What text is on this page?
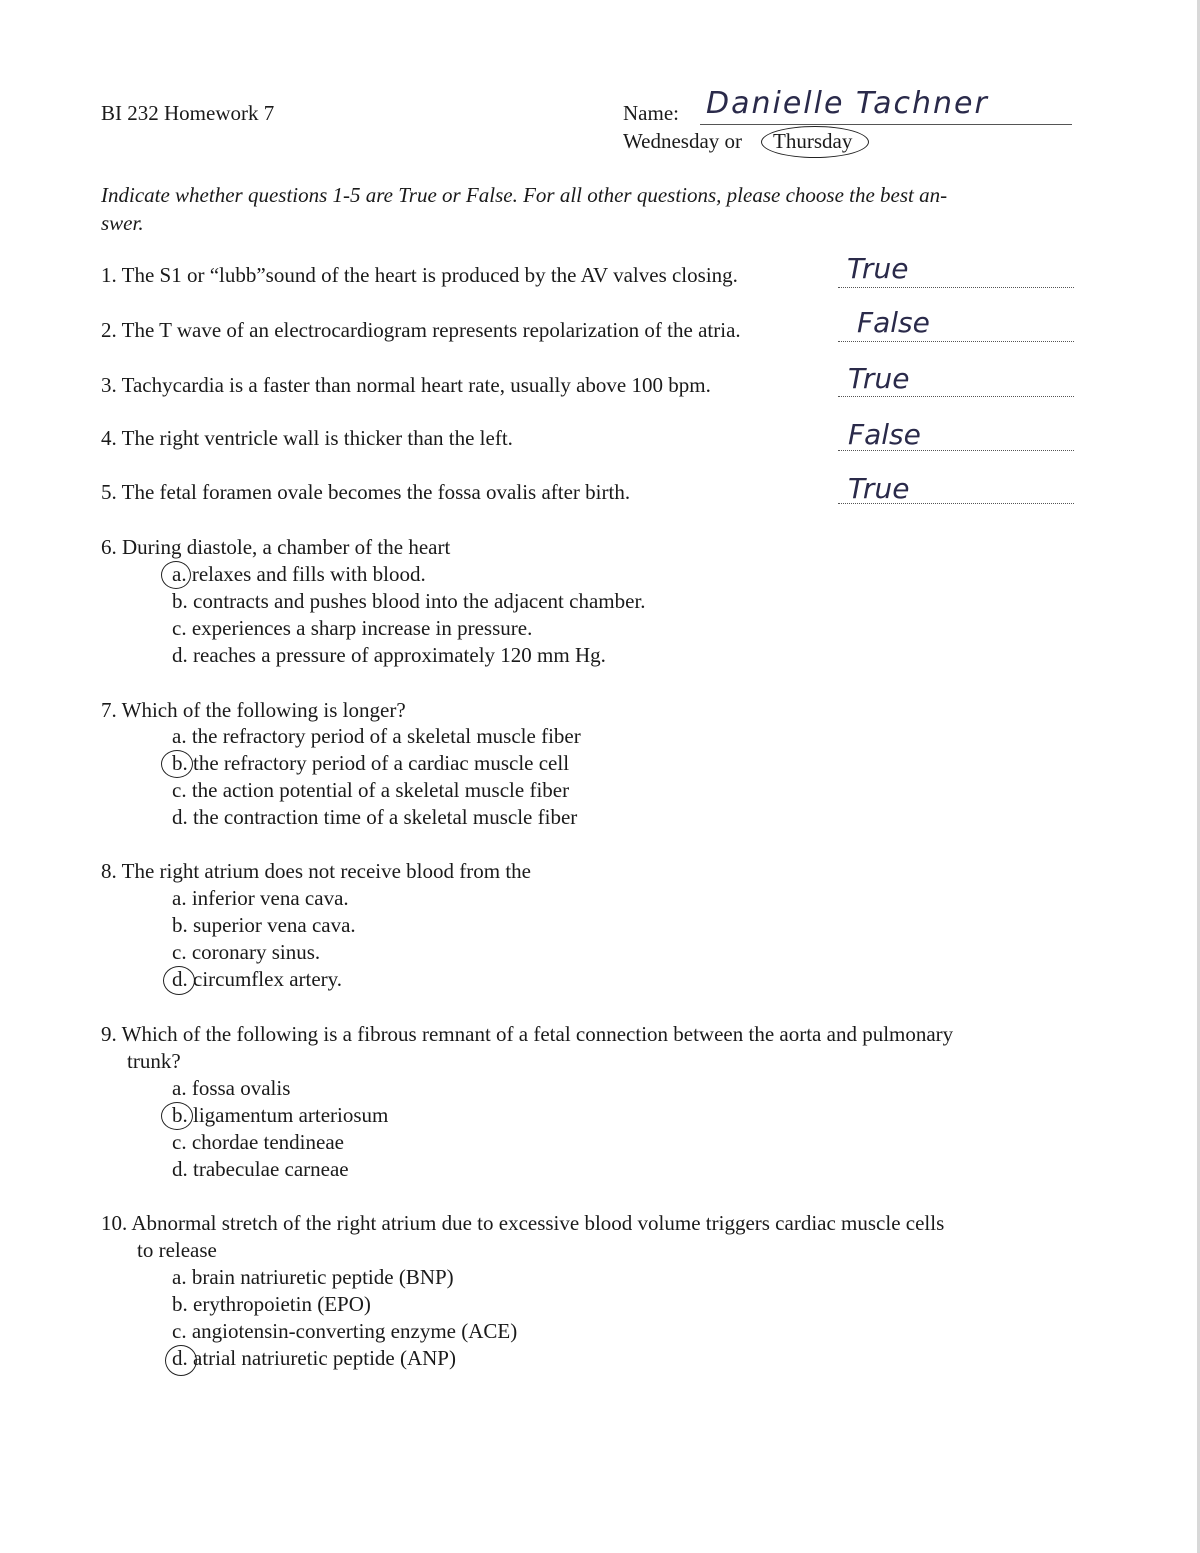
BI 232 Homework 7	Name: Danielle Tachner
Wednesday or Thursday
Indicate whether questions 1-5 are True or False. For all other questions, please choose the best an-
swer.
1. The S1 or “lubb”sound of the heart is produced by the AV valves closing.	True
2. The T wave of an electrocardiogram represents repolarization of the atria.	False
3. Tachycardia is a faster than normal heart rate, usually above 100 bpm.	True
4. The right ventricle wall is thicker than the left.	False
5. The fetal foramen ovale becomes the fossa ovalis after birth.	True
6. During diastole, a chamber of the heart
a. relaxes and fills with blood.
b. contracts and pushes blood into the adjacent chamber.
c. experiences a sharp increase in pressure.
d. reaches a pressure of approximately 120 mm Hg.
7. Which of the following is longer?
a. the refractory period of a skeletal muscle fiber
b. the refractory period of a cardiac muscle cell
c. the action potential of a skeletal muscle fiber
d. the contraction time of a skeletal muscle fiber
8. The right atrium does not receive blood from the
a. inferior vena cava.
b. superior vena cava.
c. coronary sinus.
d. circumflex artery.
9. Which of the following is a fibrous remnant of a fetal connection between the aorta and pulmonary
trunk?
a. fossa ovalis
b. ligamentum arteriosum
c. chordae tendineae
d. trabeculae carneae
10. Abnormal stretch of the right atrium due to excessive blood volume triggers cardiac muscle cells
to release
a. brain natriuretic peptide (BNP)
b. erythropoietin (EPO)
c. angiotensin-converting enzyme (ACE)
d. atrial natriuretic peptide (ANP)
